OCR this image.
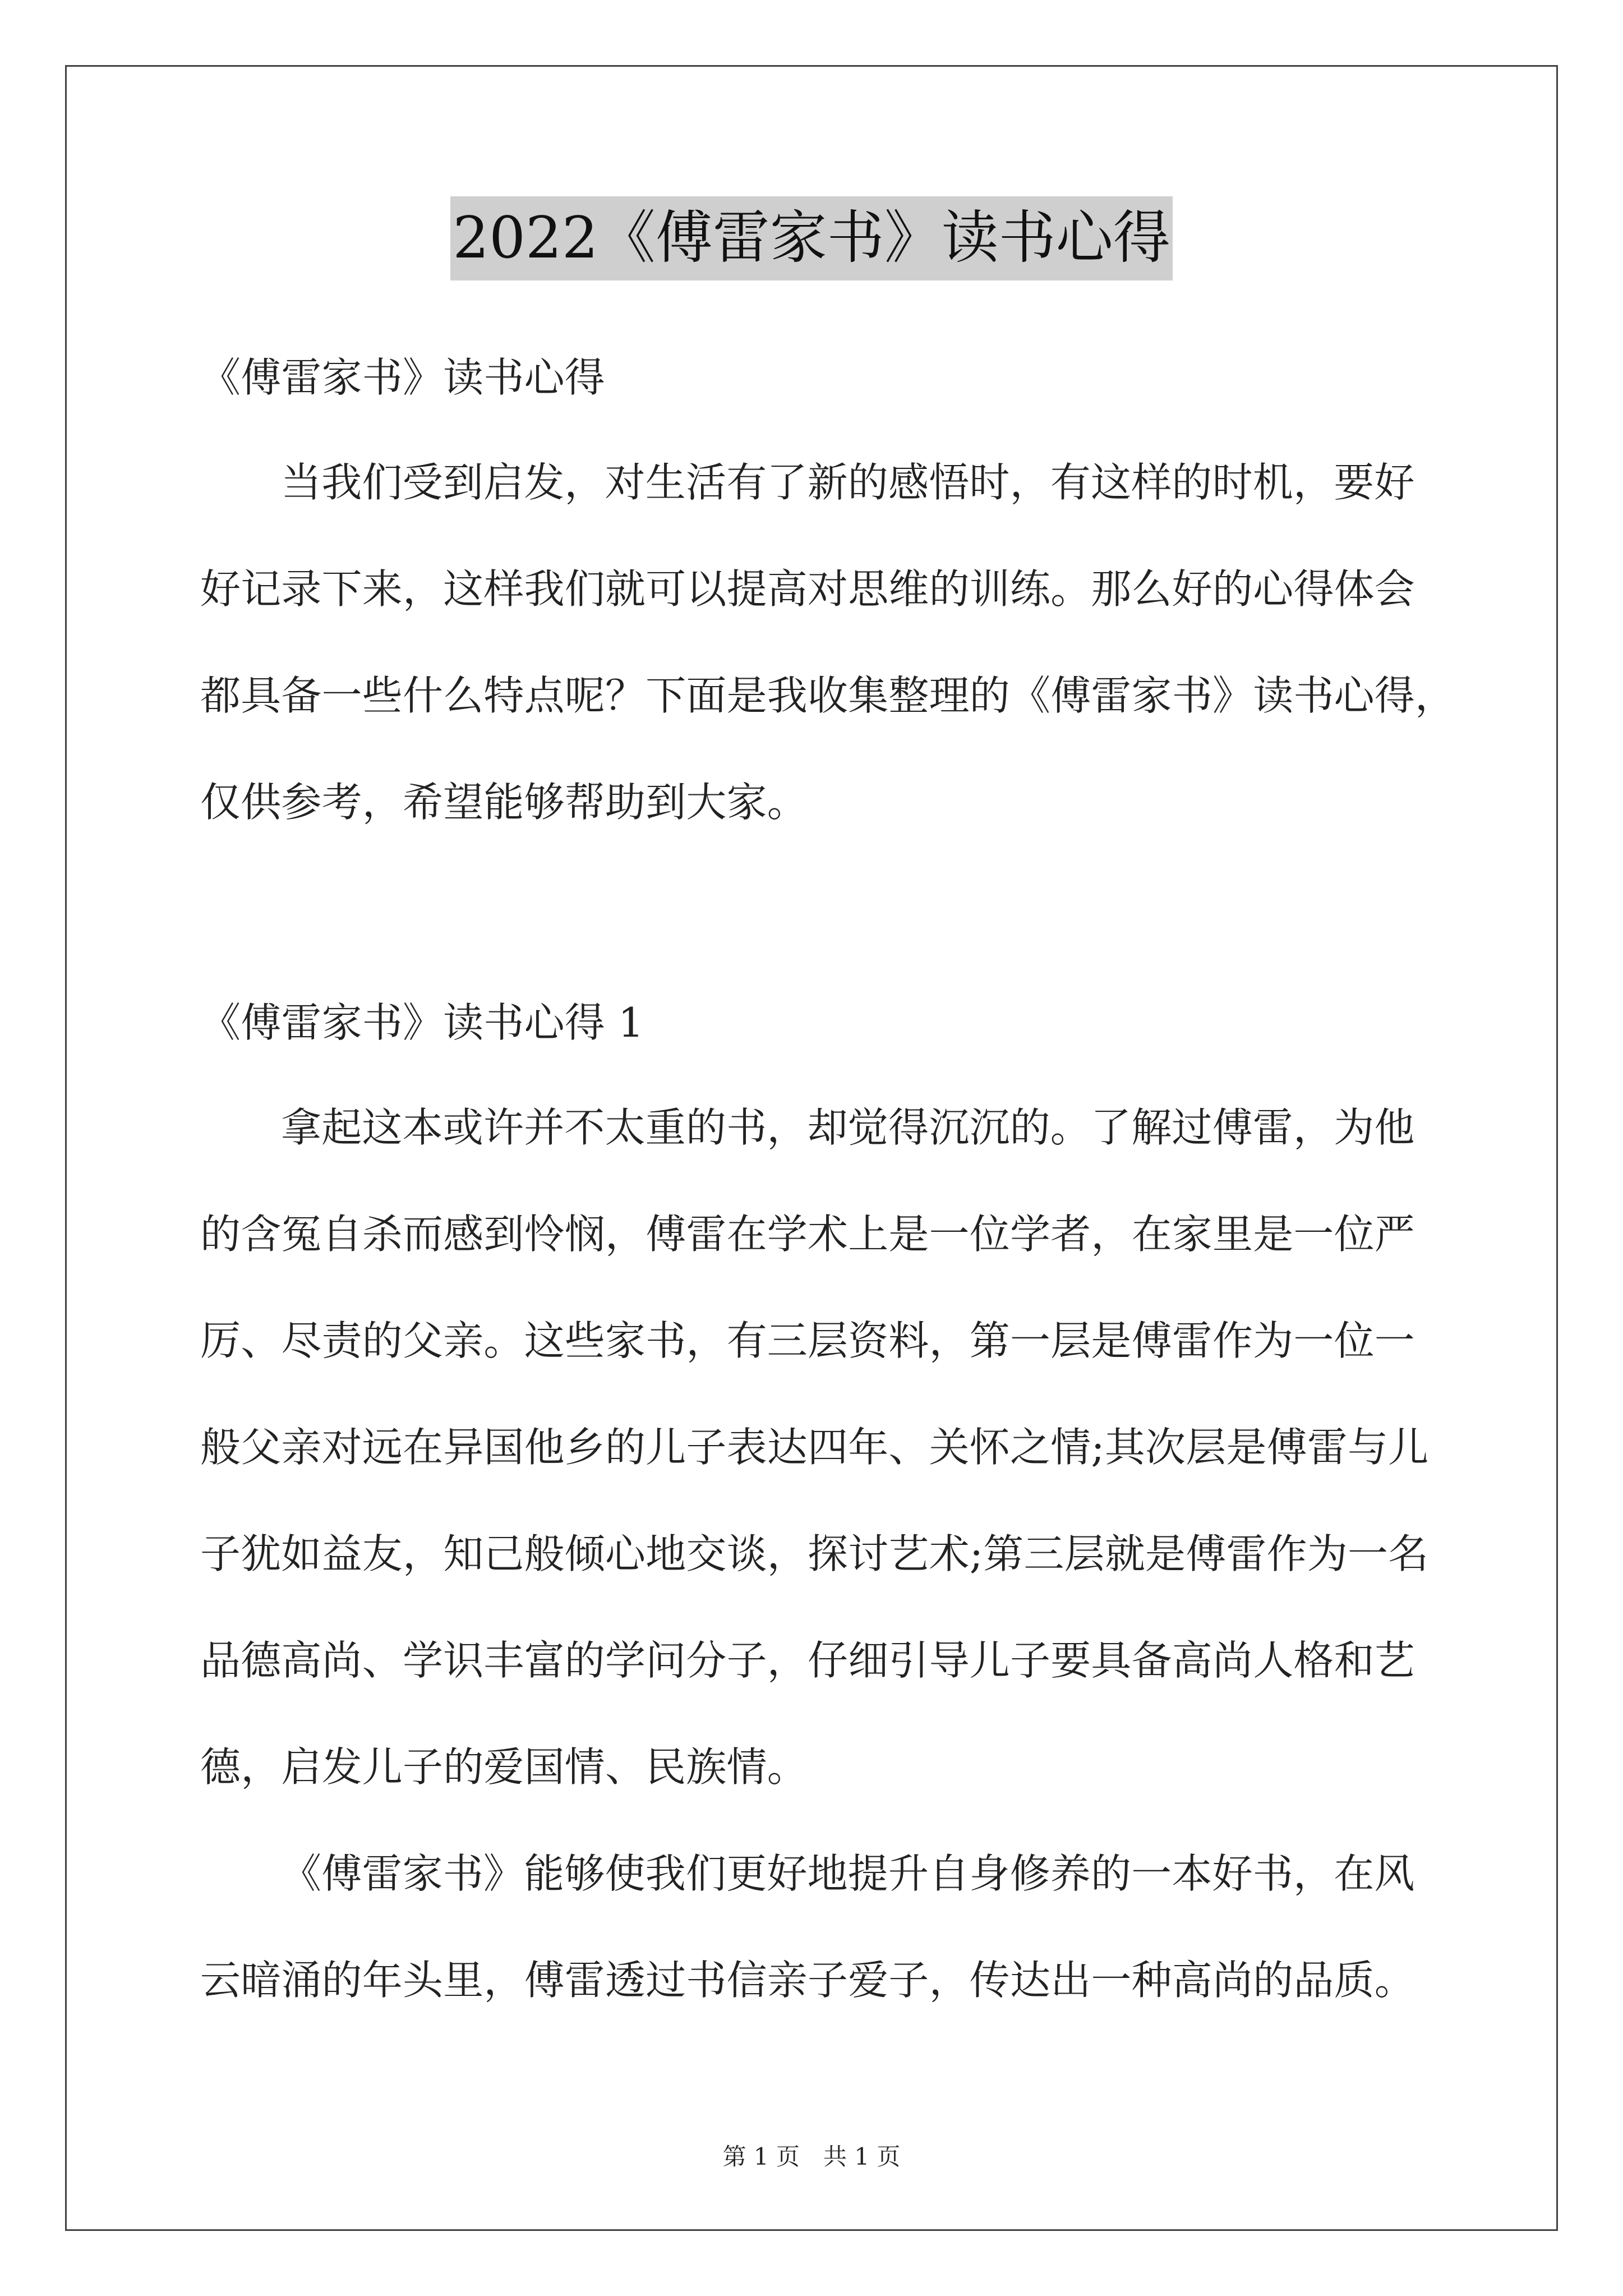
2022《傅雷家书》读书心得
《傅雷家书》读书心得
当我们受到启发，对生活有了新的感悟时，有这样的时机，要好
好记录下来，这样我们就可以提高对思维的训练。那么好的心得体会
都具备一些什么特点呢？下面是我收集整理的《傅雷家书》读书心得，
仅供参考，希望能够帮助到大家。
《傅雷家书》读书心得 1
拿起这本或许并不太重的书，却觉得沉沉的。了解过傅雷，为他
的含冤自杀而感到怜悯，傅雷在学术上是一位学者，在家里是一位严
厉、尽责的父亲。这些家书，有三层资料，第一层是傅雷作为一位一
般父亲对远在异国他乡的儿子表达四年、关怀之情;其次层是傅雷与儿
子犹如益友，知己般倾心地交谈，探讨艺术;第三层就是傅雷作为一名
品德高尚、学识丰富的学问分子，仔细引导儿子要具备高尚人格和艺
德，启发儿子的爱国情、民族情。
《傅雷家书》能够使我们更好地提升自身修养的一本好书，在风
云暗涌的年头里，傅雷透过书信亲子爱子，传达出一种高尚的品质。
第 1 页　共 1 页
